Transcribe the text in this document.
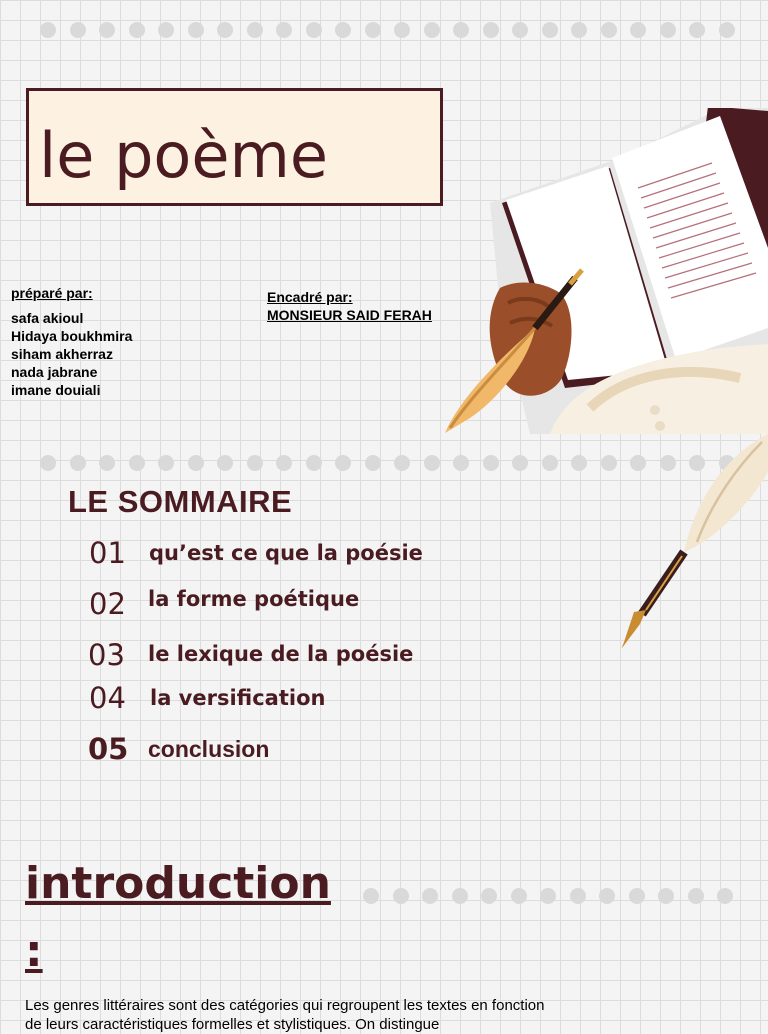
le poème
préparé par:
safa akioul
Hidaya boukhmira
siham akherraz
nada jabrane
imane douiali
Encadré par:
MONSIEUR SAID FERAH
LE SOMMAIRE
01 qu’est ce que la poésie
02 la forme poétique
03 le lexique de la poésie
04 la versification
05 conclusion
introduction
:
Les genres littéraires sont des catégories qui regroupent les textes en fonction de leurs caractéristiques formelles et stylistiques. On distingue
